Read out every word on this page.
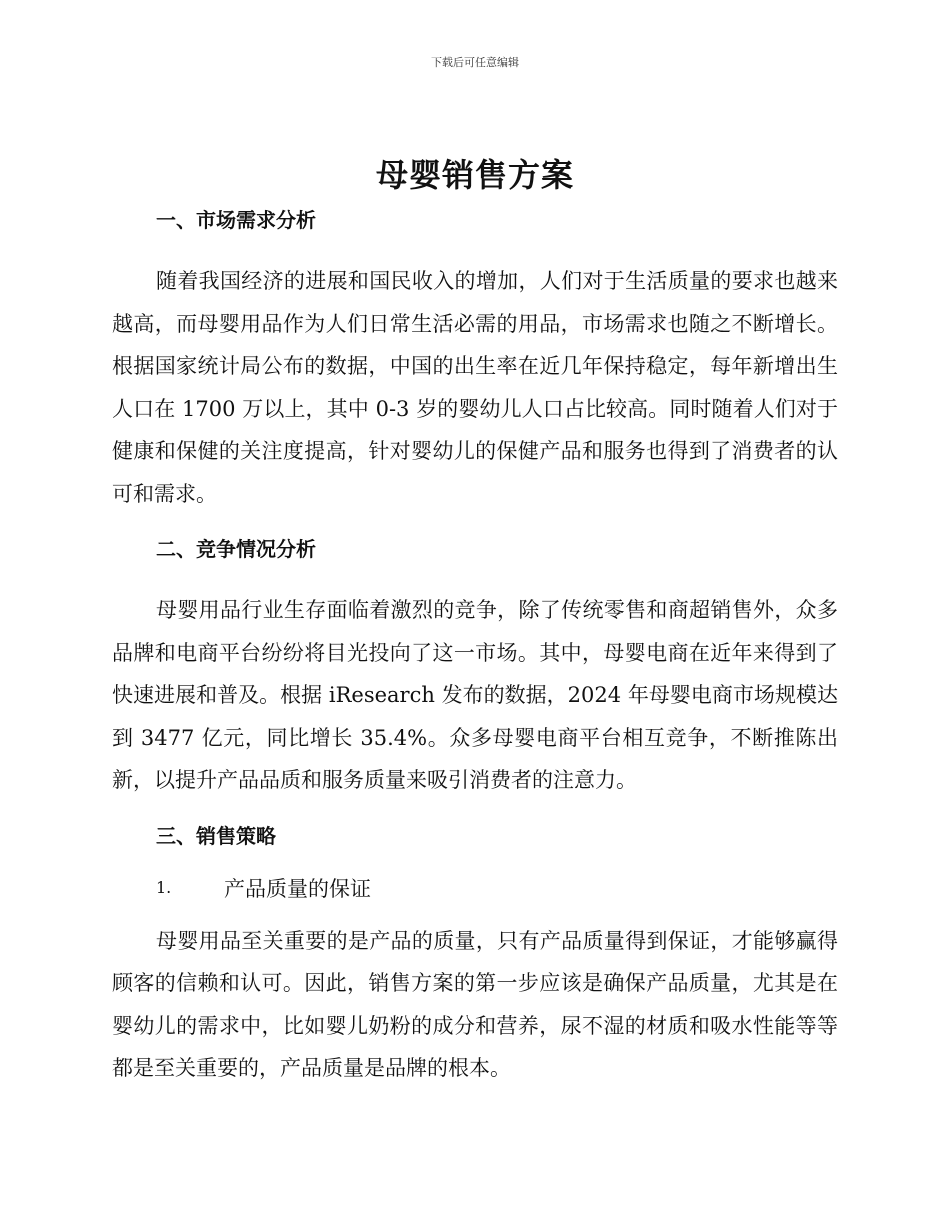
下载后可任意编辑
母婴销售方案
一、市场需求分析

随着我国经济的进展和国民收入的增加，人们对于生活质量的要求也越来越高，而母婴用品作为人们日常生活必需的用品，市场需求也随之不断增长。根据国家统计局公布的数据，中国的出生率在近几年保持稳定，每年新增出生人口在 1700 万以上，其中 0-3 岁的婴幼儿人口占比较高。同时随着人们对于健康和保健的关注度提高，针对婴幼儿的保健产品和服务也得到了消费者的认可和需求。

二、竞争情况分析

母婴用品行业生存面临着激烈的竞争，除了传统零售和商超销售外，众多品牌和电商平台纷纷将目光投向了这一市场。其中，母婴电商在近年来得到了快速进展和普及。根据 iResearch 发布的数据，2024 年母婴电商市场规模达到 3477 亿元，同比增长 35.4%。众多母婴电商平台相互竞争，不断推陈出新，以提升产品品质和服务质量来吸引消费者的注意力。

三、销售策略
1.	产品质量的保证

母婴用品至关重要的是产品的质量，只有产品质量得到保证，才能够赢得顾客的信赖和认可。因此，销售方案的第一步应该是确保产品质量，尤其是在婴幼儿的需求中，比如婴儿奶粉的成分和营养，尿不湿的材质和吸水性能等等都是至关重要的，产品质量是品牌的根本。
